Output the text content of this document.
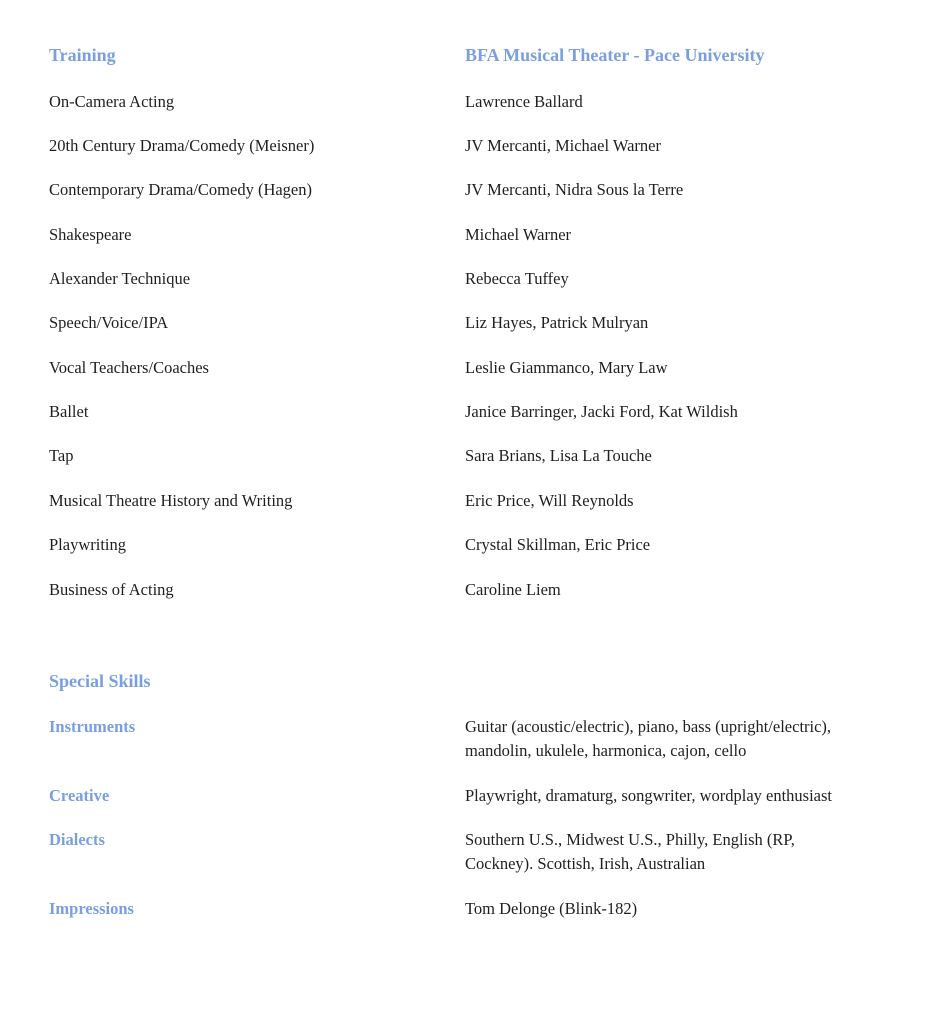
Training	BFA Musical Theater - Pace University
On-Camera Acting	Lawrence Ballard
20th Century Drama/Comedy (Meisner)	JV Mercanti, Michael Warner
Contemporary Drama/Comedy (Hagen)	JV Mercanti, Nidra Sous la Terre
Shakespeare	Michael Warner
Alexander Technique	Rebecca Tuffey
Speech/Voice/IPA	Liz Hayes, Patrick Mulryan
Vocal Teachers/Coaches	Leslie Giammanco, Mary Law
Ballet	Janice Barringer, Jacki Ford, Kat Wildish
Tap	Sara Brians, Lisa La Touche
Musical Theatre History and Writing	Eric Price, Will Reynolds
Playwriting	Crystal Skillman, Eric Price
Business of Acting	Caroline Liem
Special Skills
Instruments	Guitar (acoustic/electric), piano, bass (upright/electric), mandolin, ukulele, harmonica, cajon, cello
Creative	Playwright, dramaturg, songwriter, wordplay enthusiast
Dialects	Southern U.S., Midwest U.S., Philly, English (RP, Cockney). Scottish, Irish, Australian
Impressions	Tom Delonge (Blink-182)
